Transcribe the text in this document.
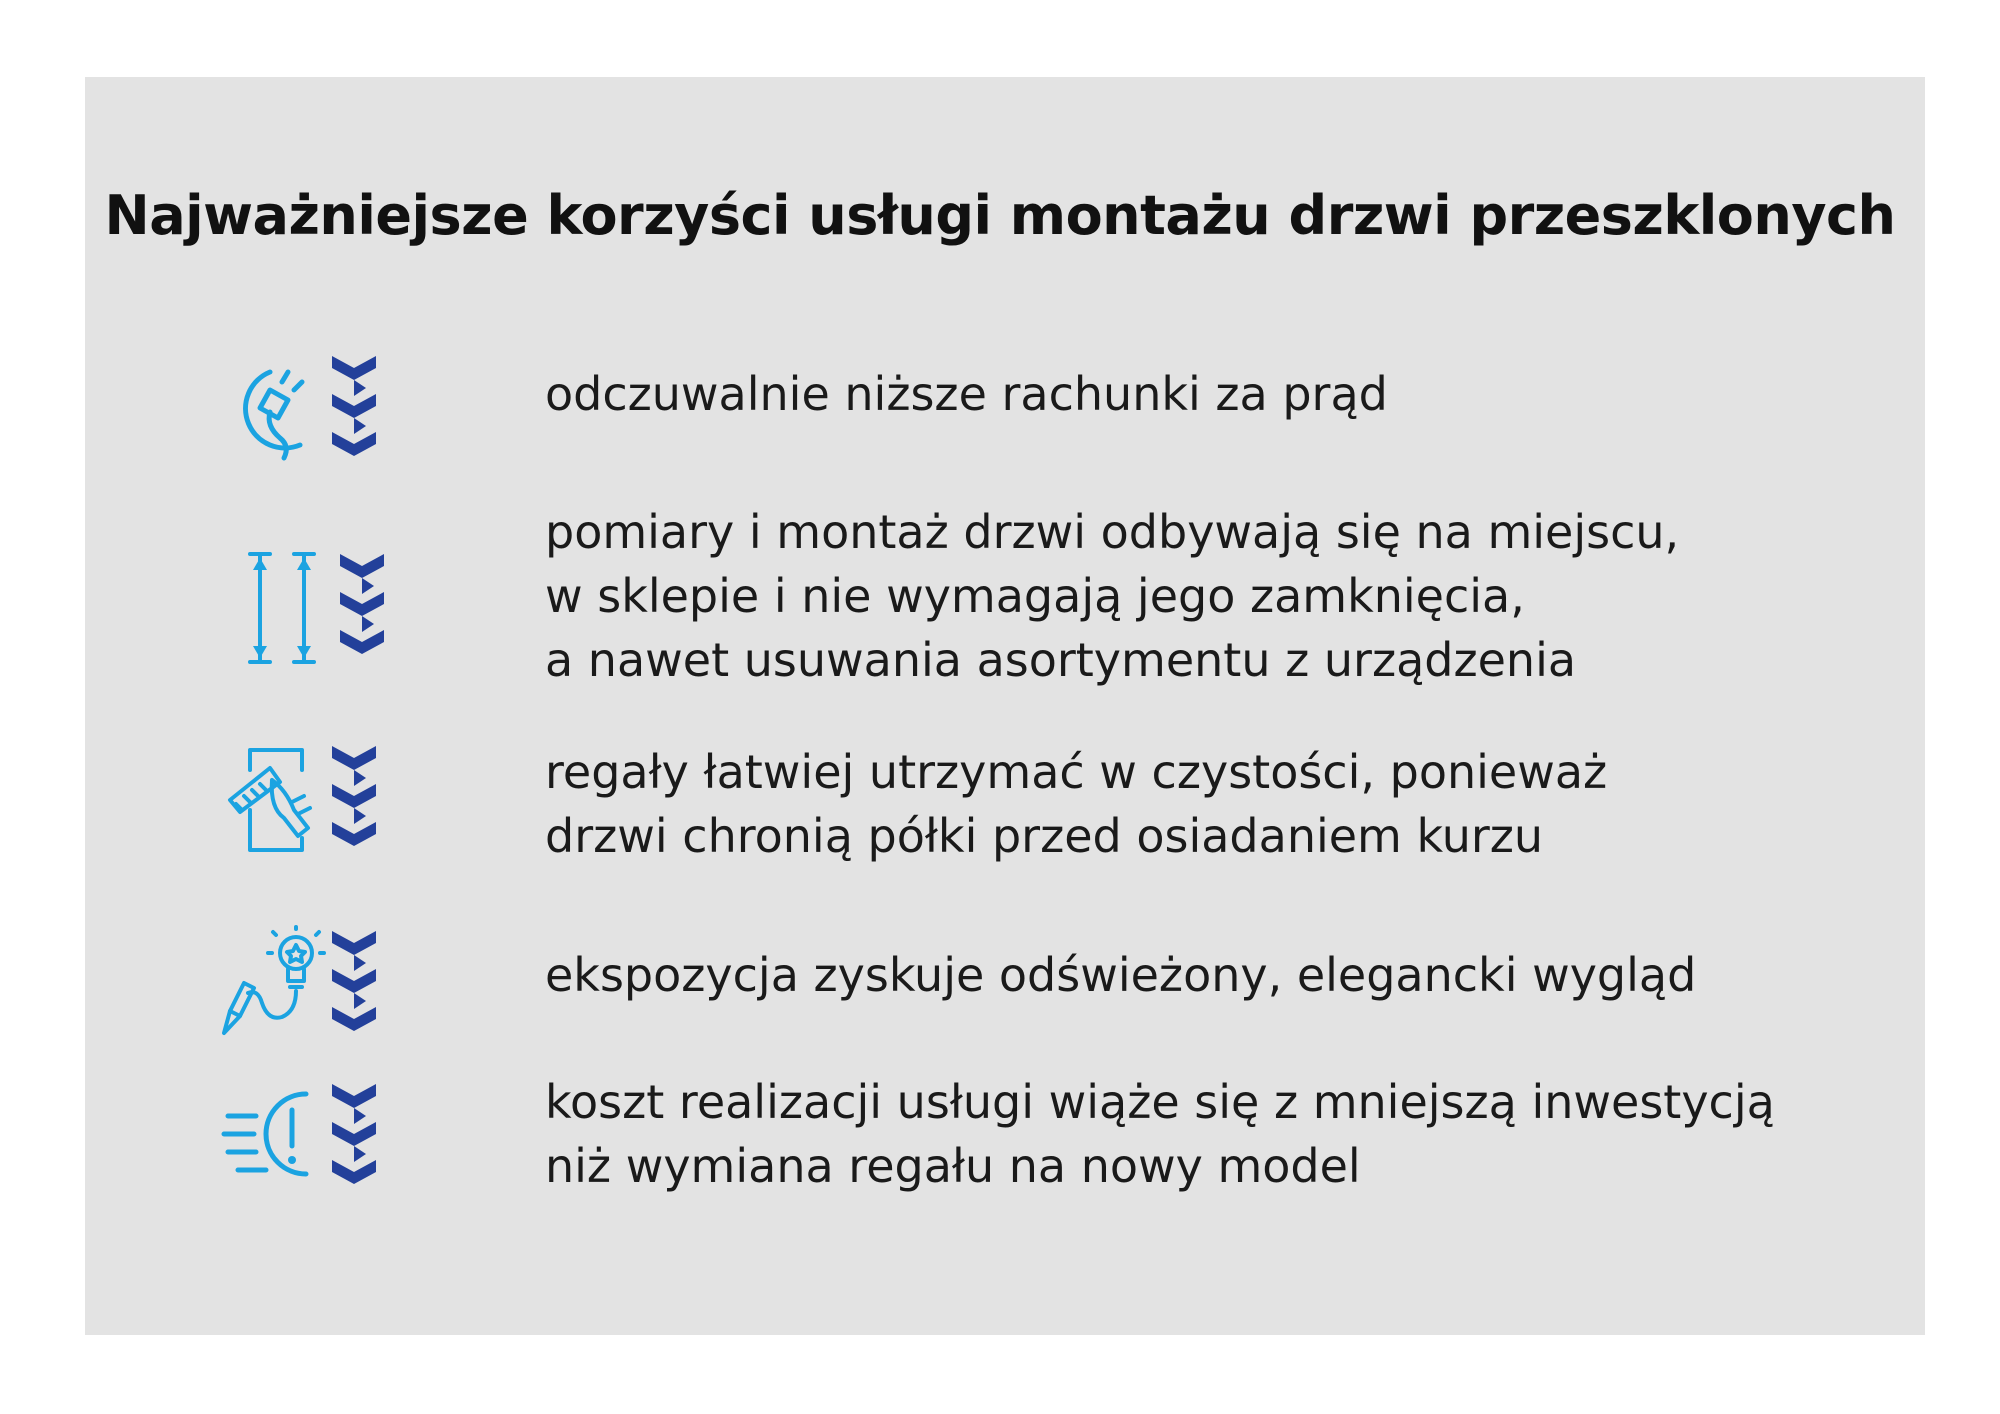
Najważniejsze korzyści usługi montażu drzwi przeszklonych
odczuwalnie niższe rachunki za prąd
pomiary i montaż drzwi odbywają się na miejscu,
w sklepie i nie wymagają jego zamknięcia,
a nawet usuwania asortymentu z urządzenia
regały łatwiej utrzymać w czystości, ponieważ
drzwi chronią półki przed osiadaniem kurzu
ekspozycja zyskuje odświeżony, elegancki wygląd
koszt realizacji usługi wiąże się z mniejszą inwestycją
niż wymiana regału na nowy model
